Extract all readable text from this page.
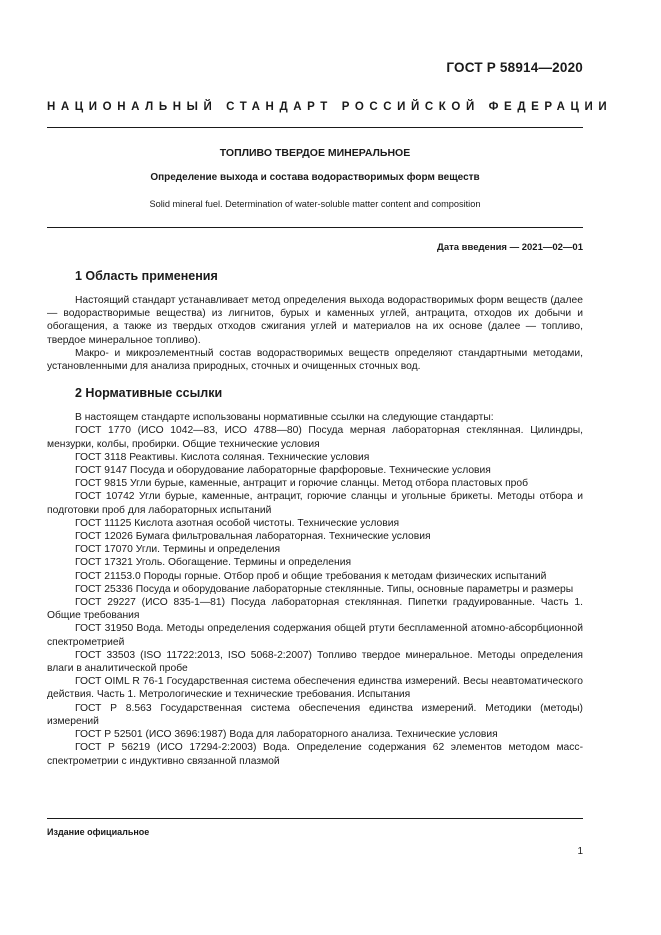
ГОСТ Р 58914—2020
НАЦИОНАЛЬНЫЙ СТАНДАРТ РОССИЙСКОЙ ФЕДЕРАЦИИ
ТОПЛИВО ТВЕРДОЕ МИНЕРАЛЬНОЕ
Определение выхода и состава водорастворимых форм веществ
Solid mineral fuel. Determination of water-soluble matter content and composition
Дата введения — 2021—02—01
1 Область применения

Настоящий стандарт устанавливает метод определения выхода водорастворимых форм веществ (далее — водорастворимые вещества) из лигнитов, бурых и каменных углей, антрацита, отходов их добычи и обогащения, а также из твердых отходов сжигания углей и материалов на их основе (далее — топливо, твердое минеральное топливо).

Макро- и микроэлементный состав водорастворимых веществ определяют стандартными методами, установленными для анализа природных, сточных и очищенных сточных вод.

2 Нормативные ссылки

В настоящем стандарте использованы нормативные ссылки на следующие стандарты:

ГОСТ 1770 (ИСО 1042—83, ИСО 4788—80) Посуда мерная лабораторная стеклянная. Цилиндры, мензурки, колбы, пробирки. Общие технические условия

ГОСТ 3118 Реактивы. Кислота соляная. Технические условия

ГОСТ 9147 Посуда и оборудование лабораторные фарфоровые. Технические условия

ГОСТ 9815 Угли бурые, каменные, антрацит и горючие сланцы. Метод отбора пластовых проб

ГОСТ 10742 Угли бурые, каменные, антрацит, горючие сланцы и угольные брикеты. Методы отбора и подготовки проб для лабораторных испытаний

ГОСТ 11125 Кислота азотная особой чистоты. Технические условия

ГОСТ 12026 Бумага фильтровальная лабораторная. Технические условия

ГОСТ 17070 Угли. Термины и определения

ГОСТ 17321 Уголь. Обогащение. Термины и определения

ГОСТ 21153.0 Породы горные. Отбор проб и общие требования к методам физических испытаний

ГОСТ 25336 Посуда и оборудование лабораторные стеклянные. Типы, основные параметры и размеры

ГОСТ 29227 (ИСО 835-1—81) Посуда лабораторная стеклянная. Пипетки градуированные. Часть 1. Общие требования

ГОСТ 31950 Вода. Методы определения содержания общей ртути беспламенной атомно-абсорбционной спектрометрией

ГОСТ 33503 (ISO 11722:2013, ISO 5068-2:2007) Топливо твердое минеральное. Методы определения влаги в аналитической пробе

ГОСТ OIML R 76-1 Государственная система обеспечения единства измерений. Весы неавтоматического действия. Часть 1. Метрологические и технические требования. Испытания

ГОСТ Р 8.563 Государственная система обеспечения единства измерений. Методики (методы) измерений

ГОСТ Р 52501 (ИСО 3696:1987) Вода для лабораторного анализа. Технические условия

ГОСТ Р 56219 (ИСО 17294-2:2003) Вода. Определение содержания 62 элементов методом масс-спектрометрии с индуктивно связанной плазмой

Издание официальное
1
